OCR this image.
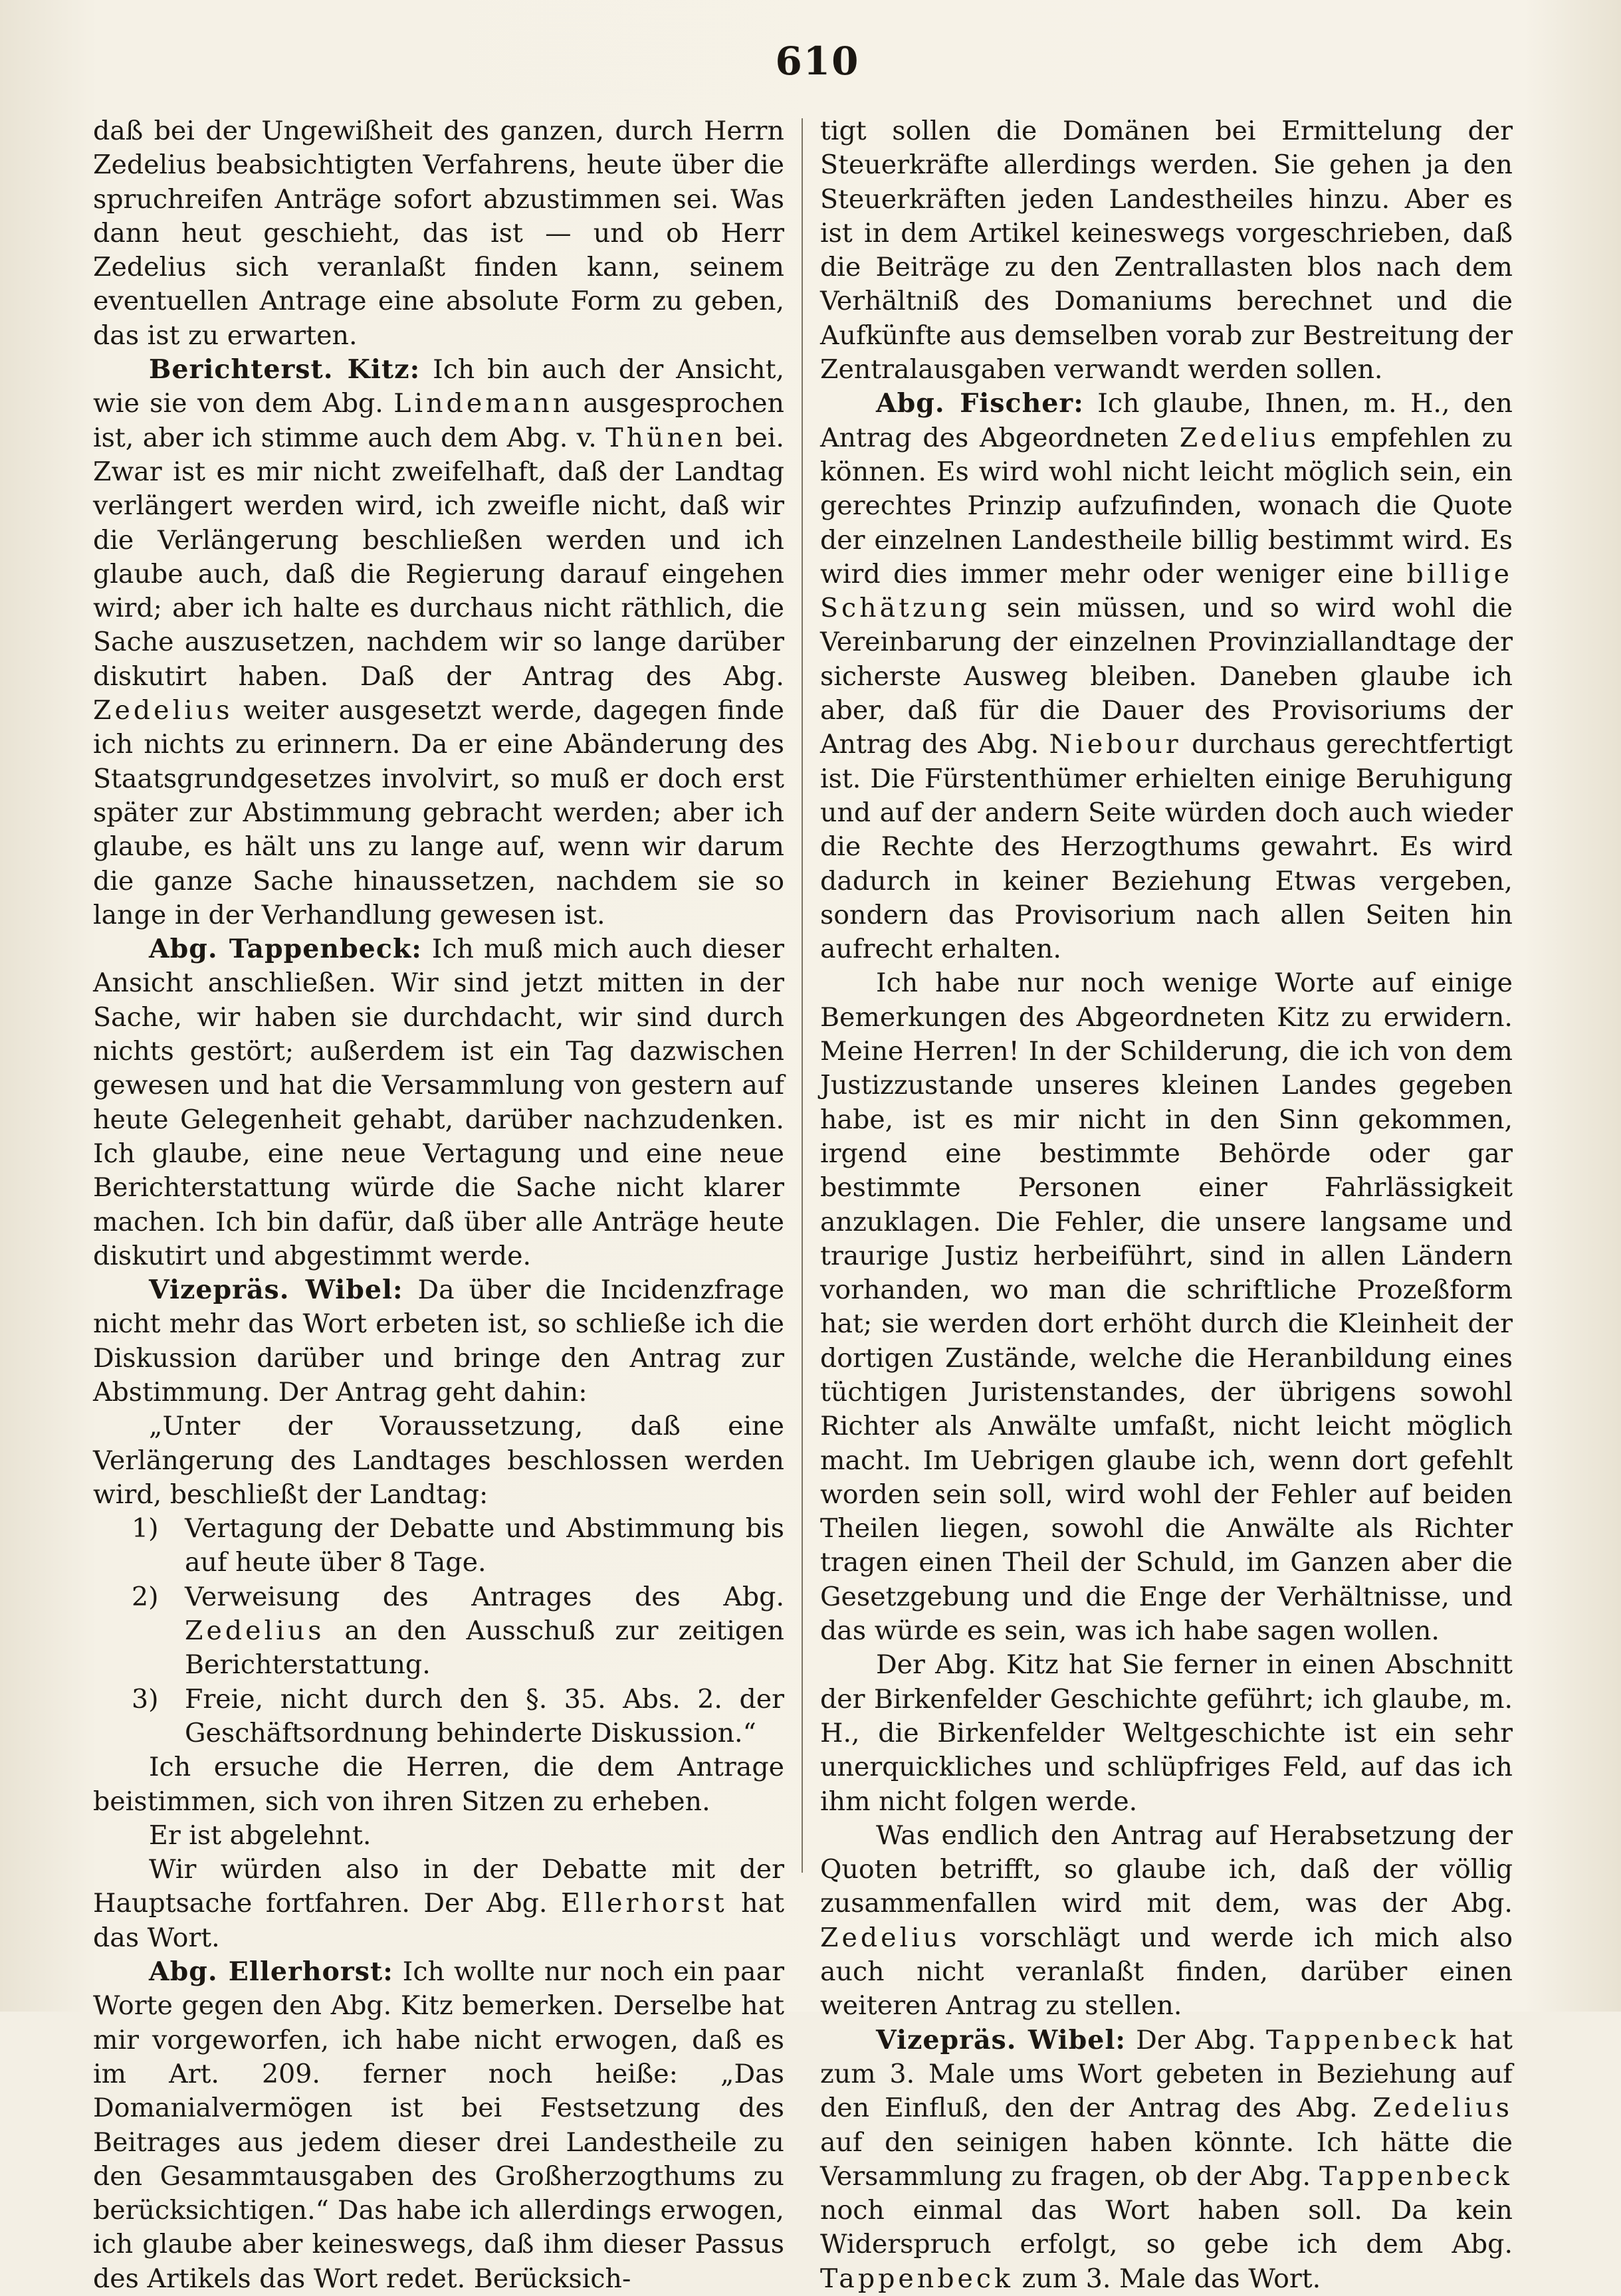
610

daß bei der Ungewißheit des ganzen, durch Herrn Zedelius beabsichtigten Verfahrens, heute über die spruchreifen Anträge sofort abzustimmen sei. Was dann heut geschieht, das ist — und ob Herr Zedelius sich veranlaßt finden kann, seinem eventuellen Antrage eine absolute Form zu geben, das ist zu erwarten.

Berichterst. Kitz: Ich bin auch der Ansicht, wie sie von dem Abg. Lindemann ausgesprochen ist, aber ich stimme auch dem Abg. v. Thünen bei. Zwar ist es mir nicht zweifelhaft, daß der Landtag verlängert werden wird, ich zweifle nicht, daß wir die Verlängerung beschließen werden und ich glaube auch, daß die Regierung darauf eingehen wird; aber ich halte es durchaus nicht räthlich, die Sache auszusetzen, nachdem wir so lange darüber diskutirt haben. Daß der Antrag des Abg. Zedelius weiter ausgesetzt werde, dagegen finde ich nichts zu erinnern. Da er eine Abänderung des Staatsgrundgesetzes involvirt, so muß er doch erst später zur Abstimmung gebracht werden; aber ich glaube, es hält uns zu lange auf, wenn wir darum die ganze Sache hinaussetzen, nachdem sie so lange in der Verhandlung gewesen ist.

Abg. Tappenbeck: Ich muß mich auch dieser Ansicht anschließen. Wir sind jetzt mitten in der Sache, wir haben sie durchdacht, wir sind durch nichts gestört; außerdem ist ein Tag dazwischen gewesen und hat die Versammlung von gestern auf heute Gelegenheit gehabt, darüber nachzudenken. Ich glaube, eine neue Vertagung und eine neue Berichterstattung würde die Sache nicht klarer machen. Ich bin dafür, daß über alle Anträge heute diskutirt und abgestimmt werde.

Vizepräs. Wibel: Da über die Incidenzfrage nicht mehr das Wort erbeten ist, so schließe ich die Diskussion darüber und bringe den Antrag zur Abstimmung. Der Antrag geht dahin:

„Unter der Voraussetzung, daß eine Verlängerung des Landtages beschlossen werden wird, beschließt der Landtag:

1) Vertagung der Debatte und Abstimmung bis auf heute über 8 Tage.
2) Verweisung des Antrages des Abg. Zedelius an den Ausschuß zur zeitigen Berichterstattung.
3) Freie, nicht durch den §. 35. Abs. 2. der Geschäftsordnung behinderte Diskussion.“

Ich ersuche die Herren, die dem Antrage beistimmen, sich von ihren Sitzen zu erheben.

Er ist abgelehnt.

Wir würden also in der Debatte mit der Hauptsache fortfahren. Der Abg. Ellerhorst hat das Wort.

Abg. Ellerhorst: Ich wollte nur noch ein paar Worte gegen den Abg. Kitz bemerken. Derselbe hat mir vorgeworfen, ich habe nicht erwogen, daß es im Art. 209. ferner noch heiße: „Das Domanialvermögen ist bei Festsetzung des Beitrages aus jedem dieser drei Landestheile zu den Gesammtausgaben des Großherzogthums zu berücksichtigen.“ Das habe ich allerdings erwogen, ich glaube aber keineswegs, daß ihm dieser Passus des Artikels das Wort redet. Berücksich-

tigt sollen die Domänen bei Ermittelung der Steuerkräfte allerdings werden. Sie gehen ja den Steuerkräften jeden Landestheiles hinzu. Aber es ist in dem Artikel keineswegs vorgeschrieben, daß die Beiträge zu den Zentrallasten blos nach dem Verhältniß des Domaniums berechnet und die Aufkünfte aus demselben vorab zur Bestreitung der Zentralausgaben verwandt werden sollen.

Abg. Fischer: Ich glaube, Ihnen, m. H., den Antrag des Abgeordneten Zedelius empfehlen zu können. Es wird wohl nicht leicht möglich sein, ein gerechtes Prinzip aufzufinden, wonach die Quote der einzelnen Landestheile billig bestimmt wird. Es wird dies immer mehr oder weniger eine billige Schätzung sein müssen, und so wird wohl die Vereinbarung der einzelnen Provinziallandtage der sicherste Ausweg bleiben. Daneben glaube ich aber, daß für die Dauer des Provisoriums der Antrag des Abg. Niebour durchaus gerechtfertigt ist. Die Fürstenthümer erhielten einige Beruhigung und auf der andern Seite würden doch auch wieder die Rechte des Herzogthums gewahrt. Es wird dadurch in keiner Beziehung Etwas vergeben, sondern das Provisorium nach allen Seiten hin aufrecht erhalten.

Ich habe nur noch wenige Worte auf einige Bemerkungen des Abgeordneten Kitz zu erwidern. Meine Herren! In der Schilderung, die ich von dem Justizzustande unseres kleinen Landes gegeben habe, ist es mir nicht in den Sinn gekommen, irgend eine bestimmte Behörde oder gar bestimmte Personen einer Fahrlässigkeit anzuklagen. Die Fehler, die unsere langsame und traurige Justiz herbeiführt, sind in allen Ländern vorhanden, wo man die schriftliche Prozeßform hat; sie werden dort erhöht durch die Kleinheit der dortigen Zustände, welche die Heranbildung eines tüchtigen Juristenstandes, der übrigens sowohl Richter als Anwälte umfaßt, nicht leicht möglich macht. Im Uebrigen glaube ich, wenn dort gefehlt worden sein soll, wird wohl der Fehler auf beiden Theilen liegen, sowohl die Anwälte als Richter tragen einen Theil der Schuld, im Ganzen aber die Gesetzgebung und die Enge der Verhältnisse, und das würde es sein, was ich habe sagen wollen.

Der Abg. Kitz hat Sie ferner in einen Abschnitt der Birkenfelder Geschichte geführt; ich glaube, m. H., die Birkenfelder Weltgeschichte ist ein sehr unerquickliches und schlüpfriges Feld, auf das ich ihm nicht folgen werde.

Was endlich den Antrag auf Herabsetzung der Quoten betrifft, so glaube ich, daß der völlig zusammenfallen wird mit dem, was der Abg. Zedelius vorschlägt und werde ich mich also auch nicht veranlaßt finden, darüber einen weiteren Antrag zu stellen.

Vizepräs. Wibel: Der Abg. Tappenbeck hat zum 3. Male ums Wort gebeten in Beziehung auf den Einfluß, den der Antrag des Abg. Zedelius auf den seinigen haben könnte. Ich hätte die Versammlung zu fragen, ob der Abg. Tappenbeck noch einmal das Wort haben soll. Da kein Widerspruch erfolgt, so gebe ich dem Abg. Tappenbeck zum 3. Male das Wort.
